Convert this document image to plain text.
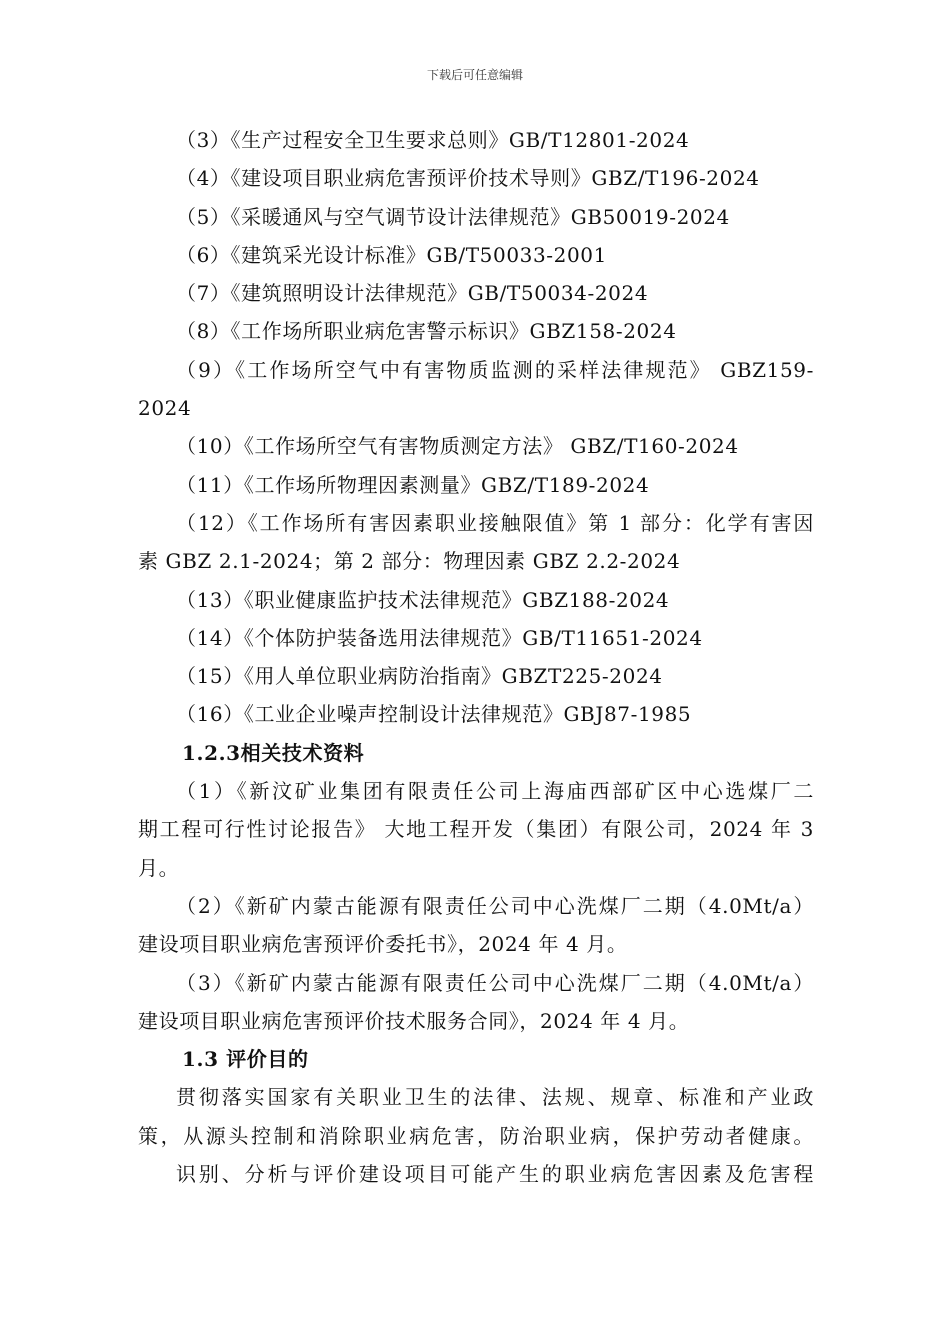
下载后可任意编辑
（3）《生产过程安全卫生要求总则》GB/T12801-2024
（4）《建设项目职业病危害预评价技术导则》GBZ/T196-2024
（5）《采暖通风与空气调节设计法律规范》GB50019-2024
（6）《建筑采光设计标准》GB/T50033-2001
（7）《建筑照明设计法律规范》GB/T50034-2024
（8）《工作场所职业病危害警示标识》GBZ158-2024
（9）《工作场所空气中有害物质监测的采样法律规范》 GBZ159-
2024
（10）《工作场所空气有害物质测定方法》 GBZ/T160-2024
（11）《工作场所物理因素测量》GBZ/T189-2024
（12）《工作场所有害因素职业接触限值》第 1 部分：化学有害因
素 GBZ 2.1-2024；第 2 部分：物理因素 GBZ 2.2-2024
（13）《职业健康监护技术法律规范》GBZ188-2024
（14）《个体防护装备选用法律规范》GB/T11651-2024
（15）《用人单位职业病防治指南》GBZT225-2024
（16）《工业企业噪声控制设计法律规范》GBJ87-1985
1.2.3相关技术资料
（1）《新汶矿业集团有限责任公司上海庙西部矿区中心选煤厂二
期工程可行性讨论报告》 大地工程开发（集团）有限公司，2024 年 3
月。
（2）《新矿内蒙古能源有限责任公司中心洗煤厂二期（4.0Mt/a）
建设项目职业病危害预评价委托书》，2024 年 4 月。
（3）《新矿内蒙古能源有限责任公司中心洗煤厂二期（4.0Mt/a）
建设项目职业病危害预评价技术服务合同》，2024 年 4 月。
1.3 评价目的
贯彻落实国家有关职业卫生的法律、法规、规章、标准和产业政
策，从源头控制和消除职业病危害，防治职业病，保护劳动者健康。
识别、分析与评价建设项目可能产生的职业病危害因素及危害程
